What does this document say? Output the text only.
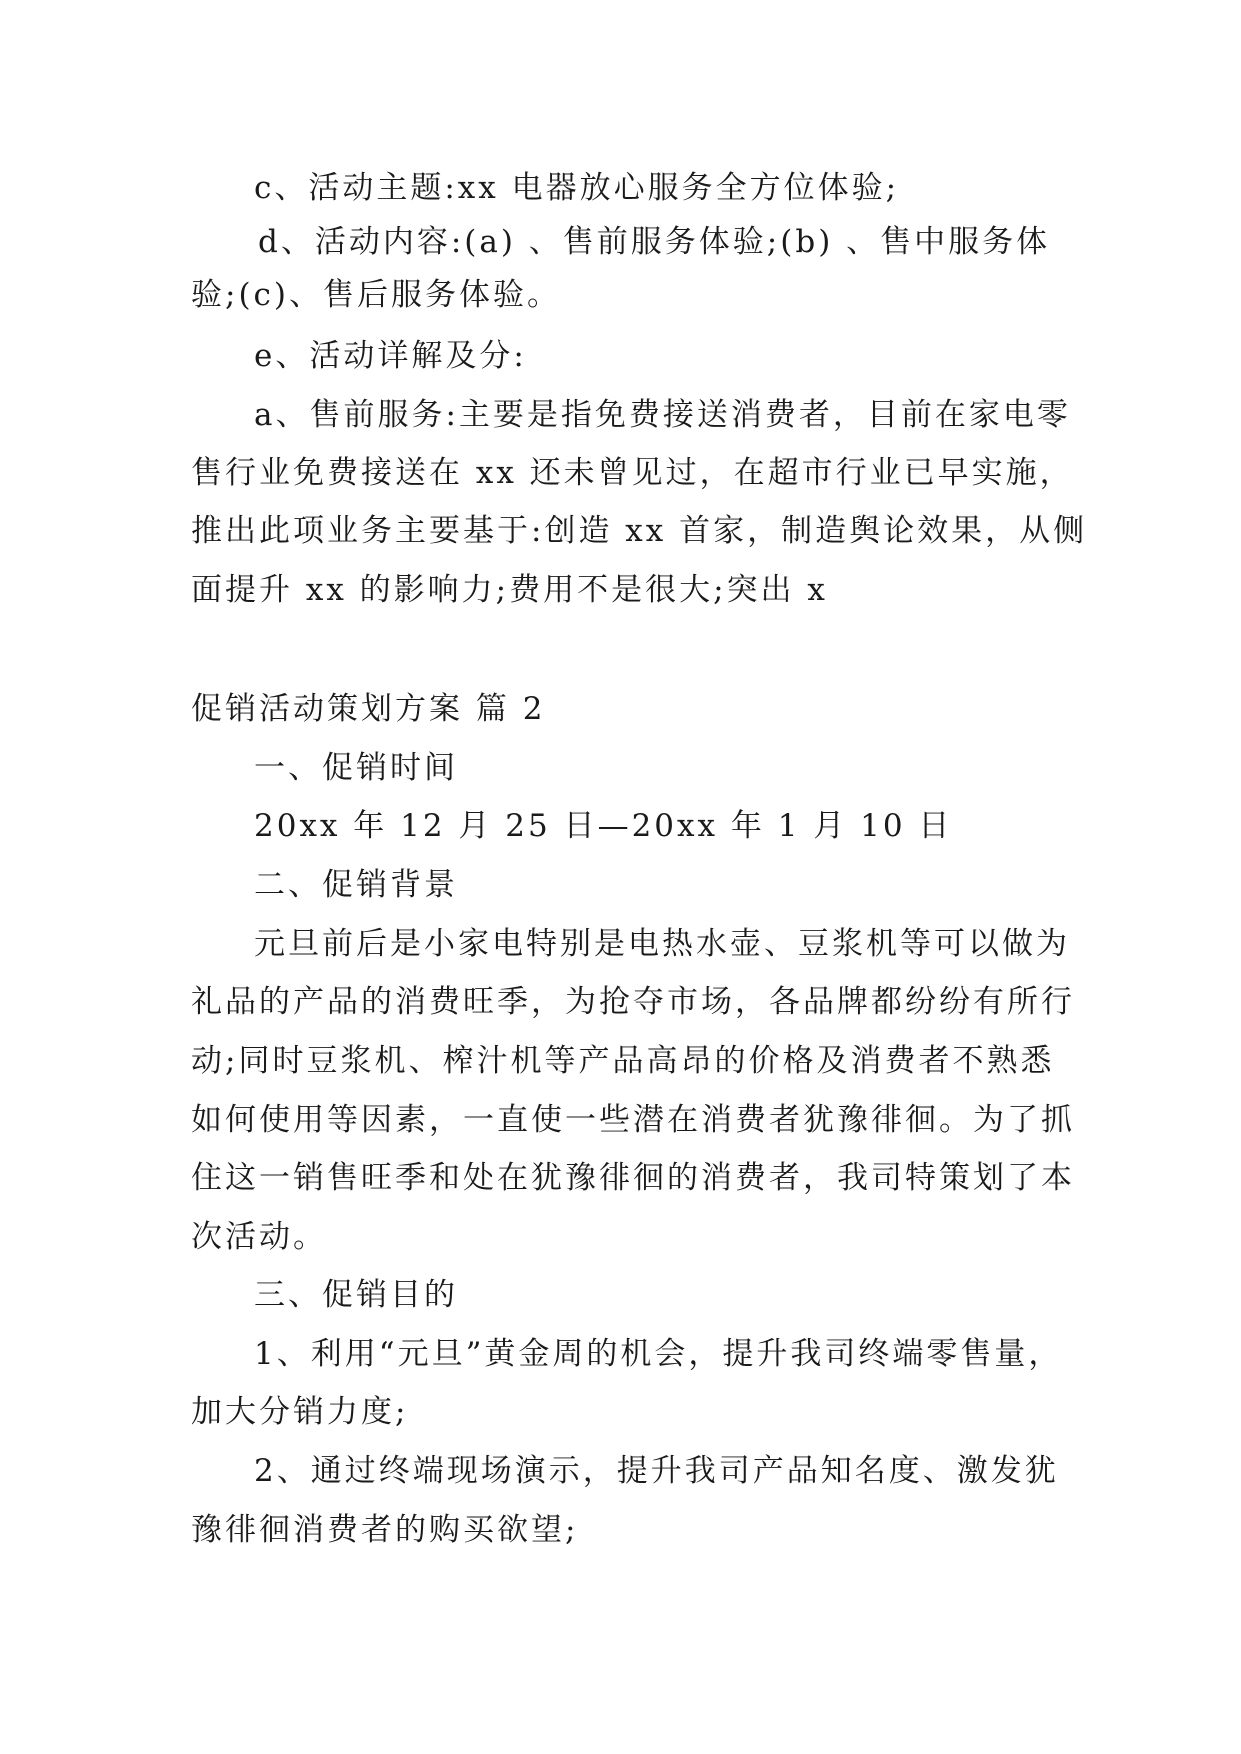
c、活动主题:xx 电器放心服务全方位体验;
d、活动内容:(a) 、售前服务体验;(b) 、售中服务体
验;(c)、售后服务体验。
e、活动详解及分:
a、售前服务:主要是指免费接送消费者，目前在家电零
售行业免费接送在 xx 还未曾见过，在超市行业已早实施，
推出此项业务主要基于:创造 xx 首家，制造舆论效果，从侧
面提升 xx 的影响力;费用不是很大;突出 x
促销活动策划方案 篇 2
一、促销时间
20xx 年 12 月 25 日—20xx 年 1 月 10 日
二、促销背景
元旦前后是小家电特别是电热水壶、豆浆机等可以做为
礼品的产品的消费旺季，为抢夺市场，各品牌都纷纷有所行
动;同时豆浆机、榨汁机等产品高昂的价格及消费者不熟悉
如何使用等因素，一直使一些潜在消费者犹豫徘徊。为了抓
住这一销售旺季和处在犹豫徘徊的消费者，我司特策划了本
次活动。
三、促销目的
1、利用“元旦”黄金周的机会，提升我司终端零售量，
加大分销力度;
2、通过终端现场演示，提升我司产品知名度、激发犹
豫徘徊消费者的购买欲望;
